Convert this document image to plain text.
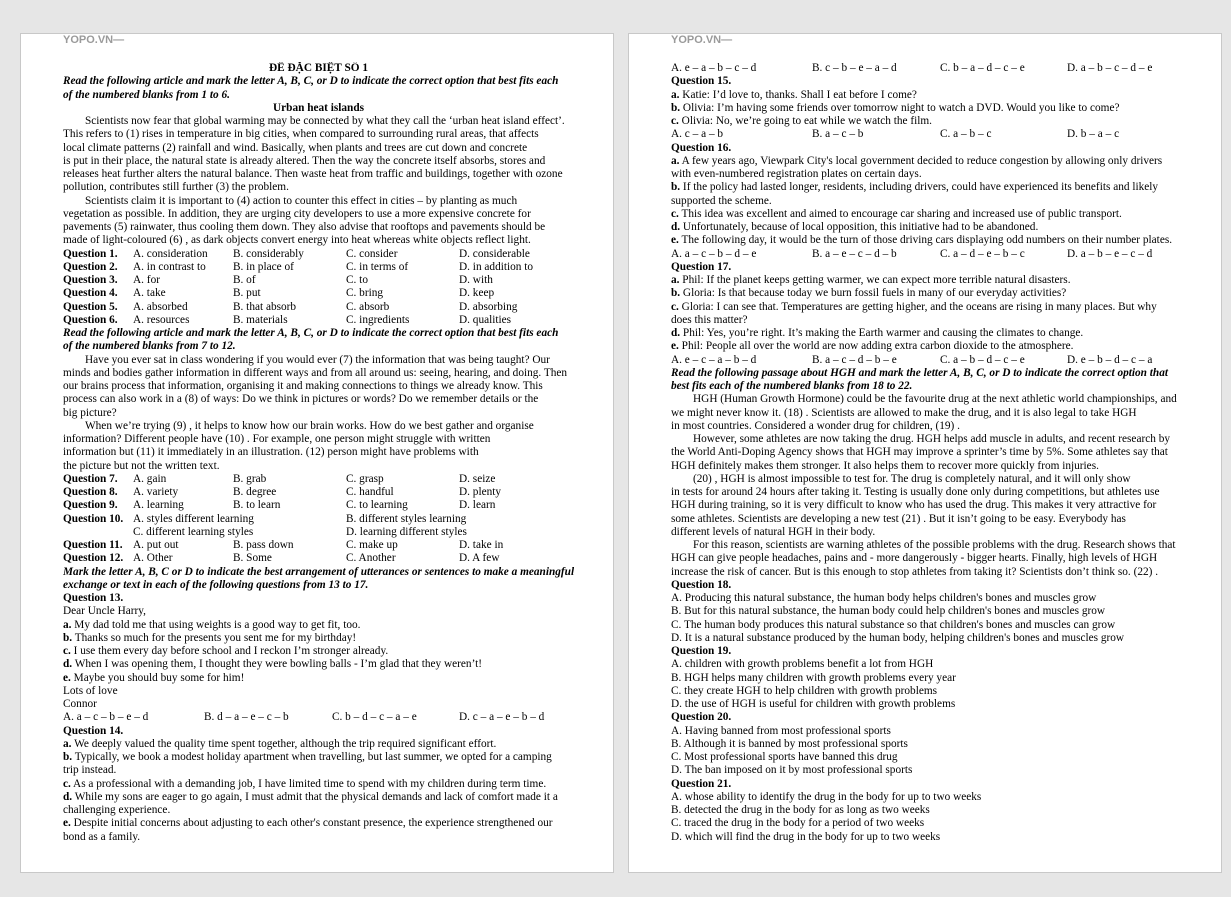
YOPO.VN—
ĐỀ ĐẶC BIỆT SỐ 1
Read the following article and mark the letter A, B, C, or D to indicate the correct option that best fits each
of the numbered blanks from 1 to 6.
Urban heat islands
Scientists now fear that global warming may be connected by what they call the ‘urban heat island effect’.
This refers to (1) rises in temperature in big cities, when compared to surrounding rural areas, that affects
local climate patterns (2) rainfall and wind. Basically, when plants and trees are cut down and concrete
is put in their place, the natural state is already altered. Then the way the concrete itself absorbs, stores and
releases heat further alters the natural balance. Then waste heat from traffic and buildings, together with ozone
pollution, contributes still further (3) the problem.
Scientists claim it is important to (4) action to counter this effect in cities – by planting as much
vegetation as possible. In addition, they are urging city developers to use a more expensive concrete for
pavements (5) rainwater, thus cooling them down. They also advise that rooftops and pavements should be
made of light-coloured (6) , as dark objects convert energy into heat whereas white objects reflect light.
Question 1. A. consideration B. considerably	C. consider	D. considerable
Question 2. A. in contrast to B. in place of	C. in terms of	D. in addition to
Question 3. A. for	B. of	C. to	D. with
Question 4. A. take	B. put	C. bring	D. keep
Question 5. A. absorbed	B. that absorb	C. absorb	D. absorbing
Question 6. A. resources	B. materials	C. ingredients	D. qualities
Read the following article and mark the letter A, B, C, or D to indicate the correct option that best fits each
of the numbered blanks from 7 to 12.
Have you ever sat in class wondering if you would ever (7) the information that was being taught? Our
minds and bodies gather information in different ways and from all around us: seeing, hearing, and doing. Then
our brains process that information, organising it and making connections to things we already know. This
process can also work in a (8) of ways: Do we think in pictures or words? Do we remember details or the
big picture?
When we’re trying (9) , it helps to know how our brain works. How do we best gather and organise
information? Different people have (10) . For example, one person might struggle with written
information but (11) it immediately in an illustration. (12) person might have problems with
the picture but not the written text.
Question 7. A. gain	B. grab	C. grasp	D. seize
Question 8. A. variety	B. degree	C. handful	D. plenty
Question 9. A. learning	B. to learn	C. to learning	D. learn
Question 10. A. styles different learning	B. different styles learning
C. different learning styles	D. learning different styles
Question 11. A. put out	B. pass down	C. make up	D. take in
Question 12. A. Other	B. Some	C. Another	D. A few
Mark the letter A, B, C or D to indicate the best arrangement of utterances or sentences to make a meaningful
exchange or text in each of the following questions from 13 to 17.
Question 13.
Dear Uncle Harry,
a. My dad told me that using weights is a good way to get fit, too.
b. Thanks so much for the presents you sent me for my birthday!
c. I use them every day before school and I reckon I’m stronger already.
d. When I was opening them, I thought they were bowling balls - I’m glad that they weren’t!
e. Maybe you should buy some for him!
Lots of love
Connor
A. a – c – b – e – d	B. d – a – e – c – b	C. b – d – c – a – e	D. c – a – e – b – d
Question 14.
a. We deeply valued the quality time spent together, although the trip required significant effort.
b. Typically, we book a modest holiday apartment when travelling, but last summer, we opted for a camping
trip instead.
c. As a professional with a demanding job, I have limited time to spend with my children during term time.
d. While my sons are eager to go again, I must admit that the physical demands and lack of comfort made it a
challenging experience.
e. Despite initial concerns about adjusting to each other's constant presence, the experience strengthened our
bond as a family.
YOPO.VN—
A. e – a – b – c – d	B. c – b – e – a – d	C. b – a – d – c – e	D. a – b – c – d – e
Question 15.
a. Katie: I’d love to, thanks. Shall I eat before I come?
b. Olivia: I’m having some friends over tomorrow night to watch a DVD. Would you like to come?
c. Olivia: No, we’re going to eat while we watch the film.
A. c – a – b	B. a – c – b	C. a – b – c	D. b – a – c
Question 16.
a. A few years ago, Viewpark City's local government decided to reduce congestion by allowing only drivers
with even-numbered registration plates on certain days.
b. If the policy had lasted longer, residents, including drivers, could have experienced its benefits and likely
supported the scheme.
c. This idea was excellent and aimed to encourage car sharing and increased use of public transport.
d. Unfortunately, because of local opposition, this initiative had to be abandoned.
e. The following day, it would be the turn of those driving cars displaying odd numbers on their number plates.
A. a – c – b – d – e	B. a – e – c – d – b	C. a – d – e – b – c	D. a – b – e – c – d
Question 17.
a. Phil: If the planet keeps getting warmer, we can expect more terrible natural disasters.
b. Gloria: Is that because today we burn fossil fuels in many of our everyday activities?
c. Gloria: I can see that. Temperatures are getting higher, and the oceans are rising in many places. But why
does this matter?
d. Phil: Yes, you’re right. It’s making the Earth warmer and causing the climates to change.
e. Phil: People all over the world are now adding extra carbon dioxide to the atmosphere.
A. e – c – a – b – d	B. a – c – d – b – e	C. a – b – d – c – e	D. e – b – d – c – a
Read the following passage about HGH and mark the letter A, B, C, or D to indicate the correct option that
best fits each of the numbered blanks from 18 to 22.
HGH (Human Growth Hormone) could be the favourite drug at the next athletic world championships, and
we might never know it. (18) . Scientists are allowed to make the drug, and it is also legal to take HGH
in most countries. Considered a wonder drug for children, (19) .
However, some athletes are now taking the drug. HGH helps add muscle in adults, and recent research by
the World Anti-Doping Agency shows that HGH may improve a sprinter’s time by 5%. Some athletes say that
HGH definitely makes them stronger. It also helps them to recover more quickly from injuries.
(20) , HGH is almost impossible to test for. The drug is completely natural, and it will only show
in tests for around 24 hours after taking it. Testing is usually done only during competitions, but athletes use
HGH during training, so it is very difficult to know who has used the drug. This makes it very attractive for
some athletes. Scientists are developing a new test (21) . But it isn’t going to be easy. Everybody has
different levels of natural HGH in their body.
For this reason, scientists are warning athletes of the possible problems with the drug. Research shows that
HGH can give people headaches, pains and - more dangerously - bigger hearts. Finally, high levels of HGH
increase the risk of cancer. But is this enough to stop athletes from taking it? Scientists don’t think so. (22) .
Question 18.
A. Producing this natural substance, the human body helps children's bones and muscles grow
B. But for this natural substance, the human body could help children's bones and muscles grow
C. The human body produces this natural substance so that children's bones and muscles can grow
D. It is a natural substance produced by the human body, helping children's bones and muscles grow
Question 19.
A. children with growth problems benefit a lot from HGH
B. HGH helps many children with growth problems every year
C. they create HGH to help children with growth problems
D. the use of HGH is useful for children with growth problems
Question 20.
A. Having banned from most professional sports
B. Although it is banned by most professional sports
C. Most professional sports have banned this drug
D. The ban imposed on it by most professional sports
Question 21.
A. whose ability to identify the drug in the body for up to two weeks
B. detected the drug in the body for as long as two weeks
C. traced the drug in the body for a period of two weeks
D. which will find the drug in the body for up to two weeks
